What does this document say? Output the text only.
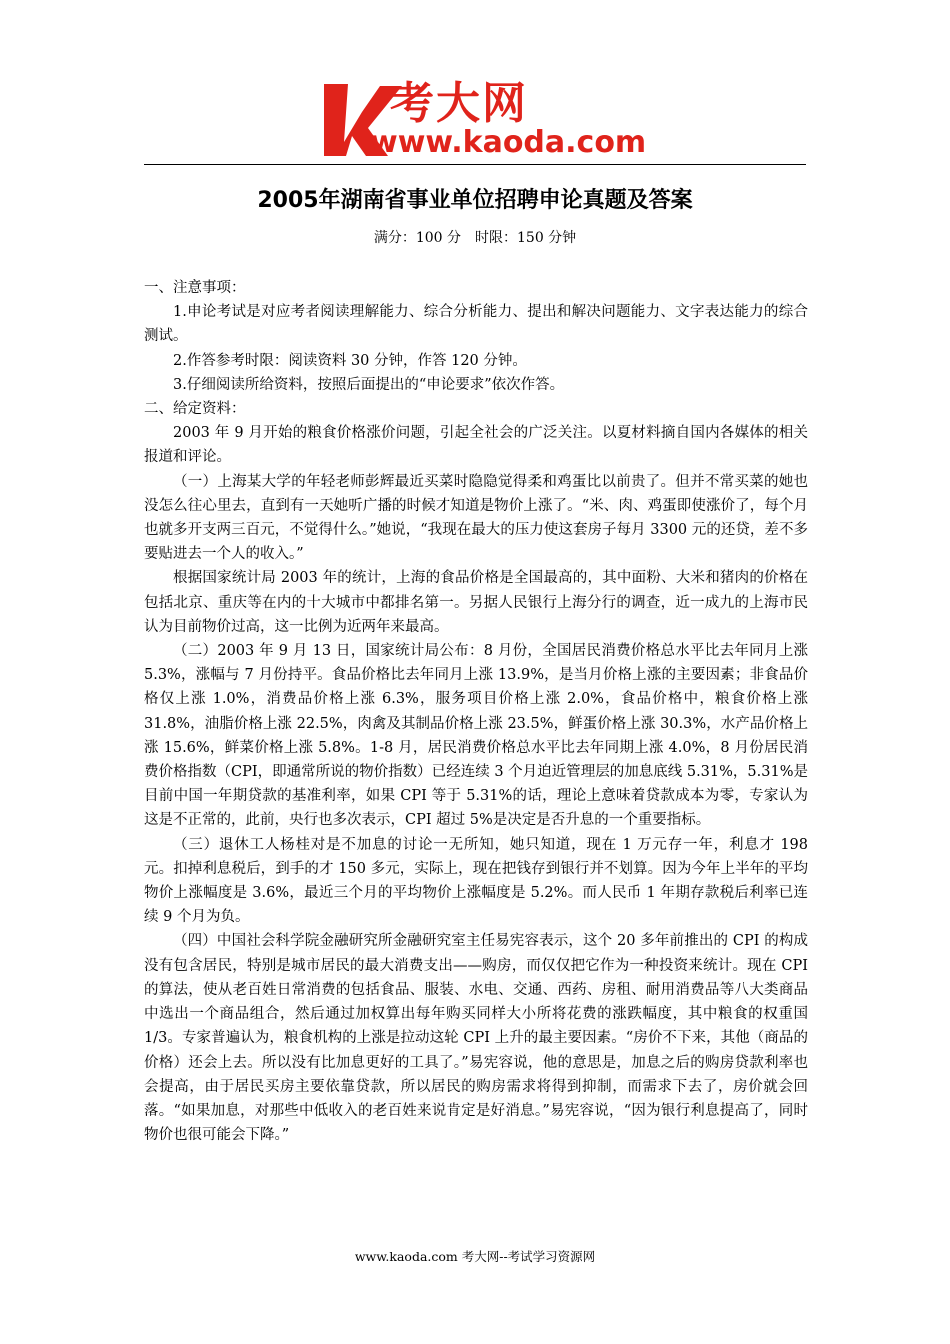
考大网
www.kaoda.com
2005年湖南省事业单位招聘申论真题及答案
满分：100 分　时限：150 分钟

一、注意事项：

1.申论考试是对应考者阅读理解能力、综合分析能力、提出和解决问题能力、文字表达能力的综合测试。

2.作答参考时限：阅读资料 30 分钟，作答 120 分钟。

3.仔细阅读所给资料，按照后面提出的“申论要求”依次作答。

二、给定资料：

2003 年 9 月开始的粮食价格涨价问题，引起全社会的广泛关注。以夏材料摘自国内各媒体的相关报道和评论。

（一）上海某大学的年轻老师彭辉最近买菜时隐隐觉得柔和鸡蛋比以前贵了。但并不常买菜的她也没怎么往心里去，直到有一天她听广播的时候才知道是物价上涨了。“米、肉、鸡蛋即使涨价了，每个月也就多开支两三百元，不觉得什么。”她说，“我现在最大的压力使这套房子每月 3300 元的还贷，差不多要贴进去一个人的收入。”

根据国家统计局 2003 年的统计，上海的食品价格是全国最高的，其中面粉、大米和猪肉的价格在包括北京、重庆等在内的十大城市中都排名第一。另据人民银行上海分行的调查，近一成九的上海市民认为目前物价过高，这一比例为近两年来最高。

（二）2003 年 9 月 13 日，国家统计局公布：8 月份，全国居民消费价格总水平比去年同月上涨 5.3%，涨幅与 7 月份持平。食品价格比去年同月上涨 13.9%，是当月价格上涨的主要因素；非食品价格仅上涨 1.0%，消费品价格上涨 6.3%，服务项目价格上涨 2.0%，食品价格中，粮食价格上涨 31.8%，油脂价格上涨 22.5%，肉禽及其制品价格上涨 23.5%，鲜蛋价格上涨 30.3%，水产品价格上涨 15.6%，鲜菜价格上涨 5.8%。1-8 月，居民消费价格总水平比去年同期上涨 4.0%，8 月份居民消费价格指数（CPI，即通常所说的物价指数）已经连续 3 个月迫近管理层的加息底线 5.31%，5.31%是目前中国一年期贷款的基准利率，如果 CPI 等于 5.31%的话，理论上意味着贷款成本为零，专家认为这是不正常的，此前，央行也多次表示，CPI 超过 5%是决定是否升息的一个重要指标。

（三）退休工人杨桂对是不加息的讨论一无所知，她只知道，现在 1 万元存一年，利息才 198 元。扣掉利息税后，到手的才 150 多元，实际上，现在把钱存到银行并不划算。因为今年上半年的平均物价上涨幅度是 3.6%，最近三个月的平均物价上涨幅度是 5.2%。而人民币 1 年期存款税后利率已连续 9 个月为负。

（四）中国社会科学院金融研究所金融研究室主任易宪容表示，这个 20 多年前推出的 CPI 的构成没有包含居民，特别是城市居民的最大消费支出——购房，而仅仅把它作为一种投资来统计。现在 CPI 的算法，使从老百姓日常消费的包括食品、服装、水电、交通、西药、房租、耐用消费品等八大类商品中选出一个商品组合，然后通过加权算出每年购买同样大小所将花费的涨跌幅度，其中粮食的权重国 1/3。专家普遍认为，粮食机构的上涨是拉动这轮 CPI 上升的最主要因素。“房价不下来，其他（商品的价格）还会上去。所以没有比加息更好的工具了。”易宪容说，他的意思是，加息之后的购房贷款利率也会提高，由于居民买房主要依靠贷款，所以居民的购房需求将得到抑制，而需求下去了，房价就会回落。“如果加息，对那些中低收入的老百姓来说肯定是好消息。”易宪容说，“因为银行利息提高了，同时物价也很可能会下降。”

www.kaoda.com 考大网--考试学习资源网
